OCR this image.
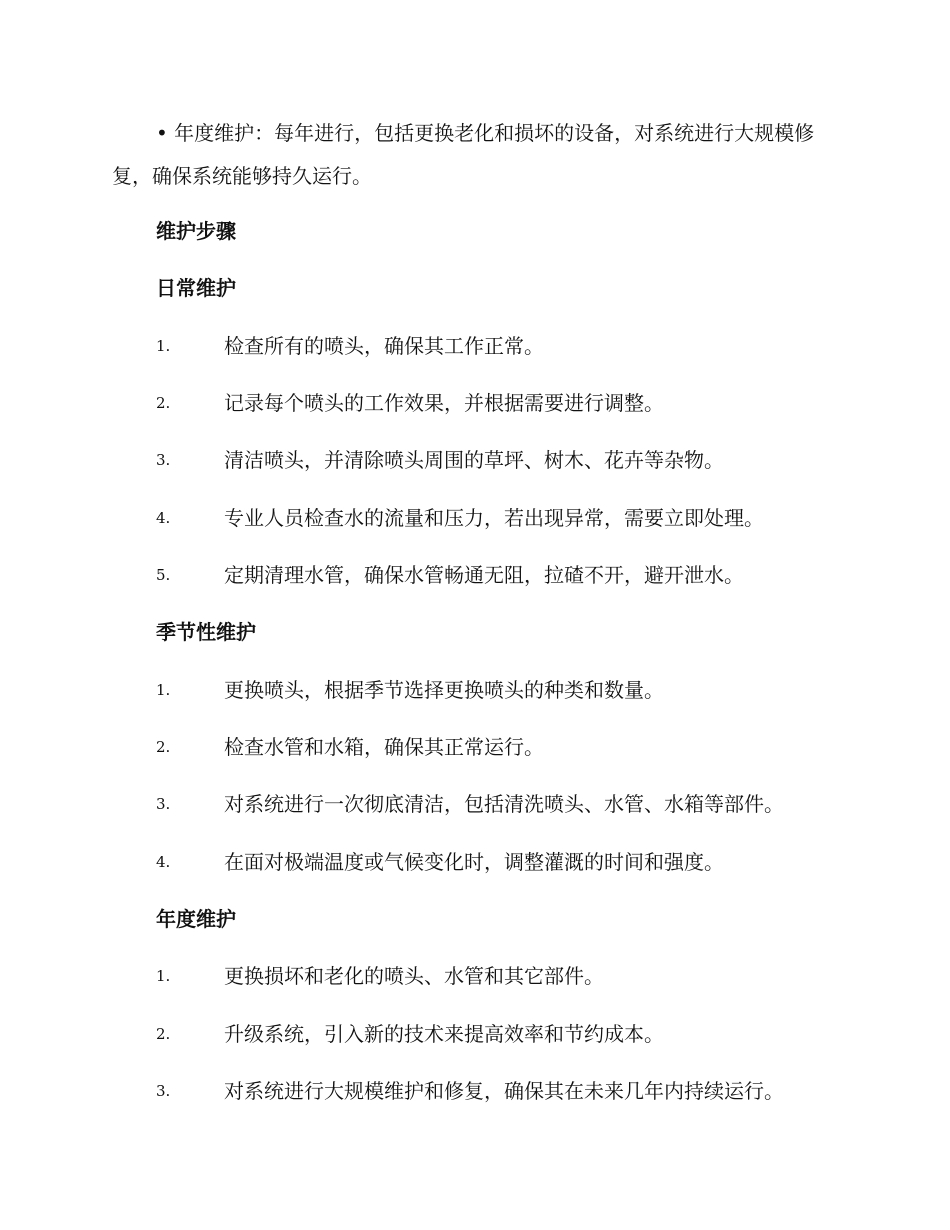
• 年度维护：每年进行，包括更换老化和损坏的设备，对系统进行大规模修复，确保系统能够持久运行。

维护步骤
日常维护
1.	检查所有的喷头，确保其工作正常。
2.	记录每个喷头的工作效果，并根据需要进行调整。
3.	清洁喷头，并清除喷头周围的草坪、树木、花卉等杂物。
4.	专业人员检查水的流量和压力，若出现异常，需要立即处理。
5.	定期清理水管，确保水管畅通无阻，拉碴不开，避开泄水。
季节性维护
1.	更换喷头，根据季节选择更换喷头的种类和数量。
2.	检查水管和水箱，确保其正常运行。
3.	对系统进行一次彻底清洁，包括清洗喷头、水管、水箱等部件。
4.	在面对极端温度或气候变化时，调整灌溉的时间和强度。
年度维护
1.	更换损坏和老化的喷头、水管和其它部件。
2.	升级系统，引入新的技术来提高效率和节约成本。
3.	对系统进行大规模维护和修复，确保其在未来几年内持续运行。
